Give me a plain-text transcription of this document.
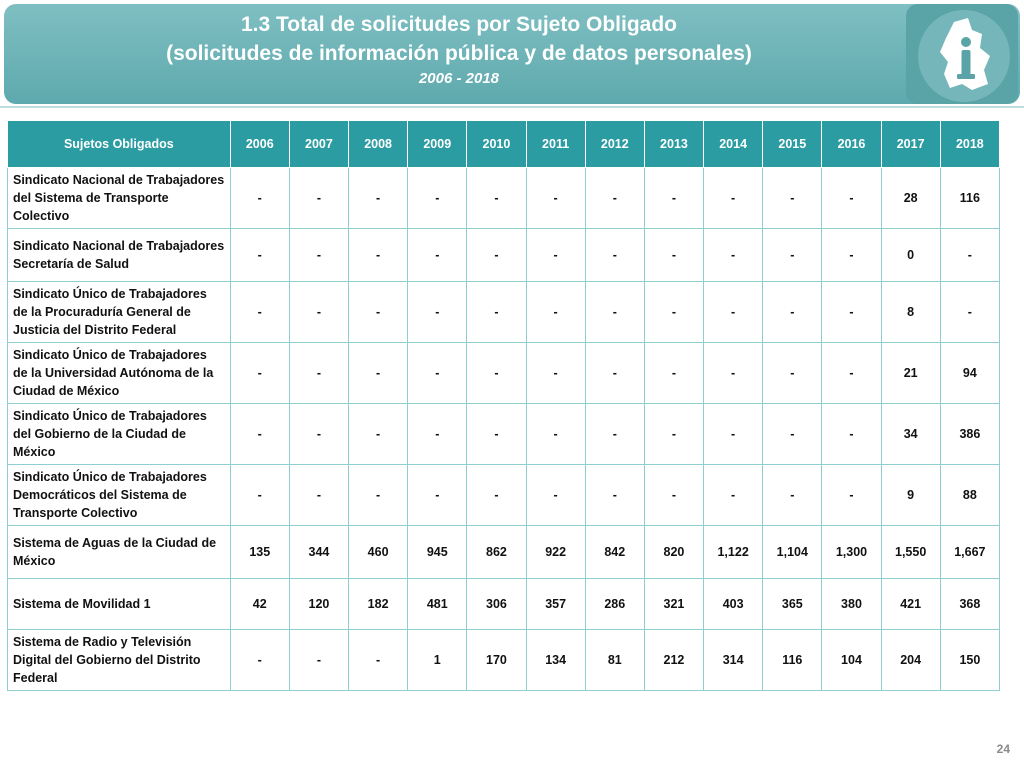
1.3 Total de solicitudes por Sujeto Obligado
(solicitudes de información pública y de datos personales)
2006 - 2018
Sujetos Obligados	2006	2007	2008	2009	2010	2011	2012	2013	2014	2015	2016	2017	2018
Sindicato Nacional de Trabajadores del Sistema de Transporte Colectivo	-	-	-	-	-	-	-	-	-	-	-	28	116
Sindicato Nacional de Trabajadores Secretaría de Salud	-	-	-	-	-	-	-	-	-	-	-	0	-
Sindicato Único de Trabajadores de la Procuraduría General de Justicia del Distrito Federal	-	-	-	-	-	-	-	-	-	-	-	8	-
Sindicato Único de Trabajadores de la Universidad Autónoma de la Ciudad de México	-	-	-	-	-	-	-	-	-	-	-	21	94
Sindicato Único de Trabajadores del Gobierno de la Ciudad de México	-	-	-	-	-	-	-	-	-	-	-	34	386
Sindicato Único de Trabajadores Democráticos del Sistema de Transporte Colectivo	-	-	-	-	-	-	-	-	-	-	-	9	88
Sistema de Aguas de la Ciudad de México	135	344	460	945	862	922	842	820	1,122	1,104	1,300	1,550	1,667
Sistema de Movilidad 1	42	120	182	481	306	357	286	321	403	365	380	421	368
Sistema de Radio y Televisión Digital del Gobierno del Distrito Federal	-	-	-	1	170	134	81	212	314	116	104	204	150
24
